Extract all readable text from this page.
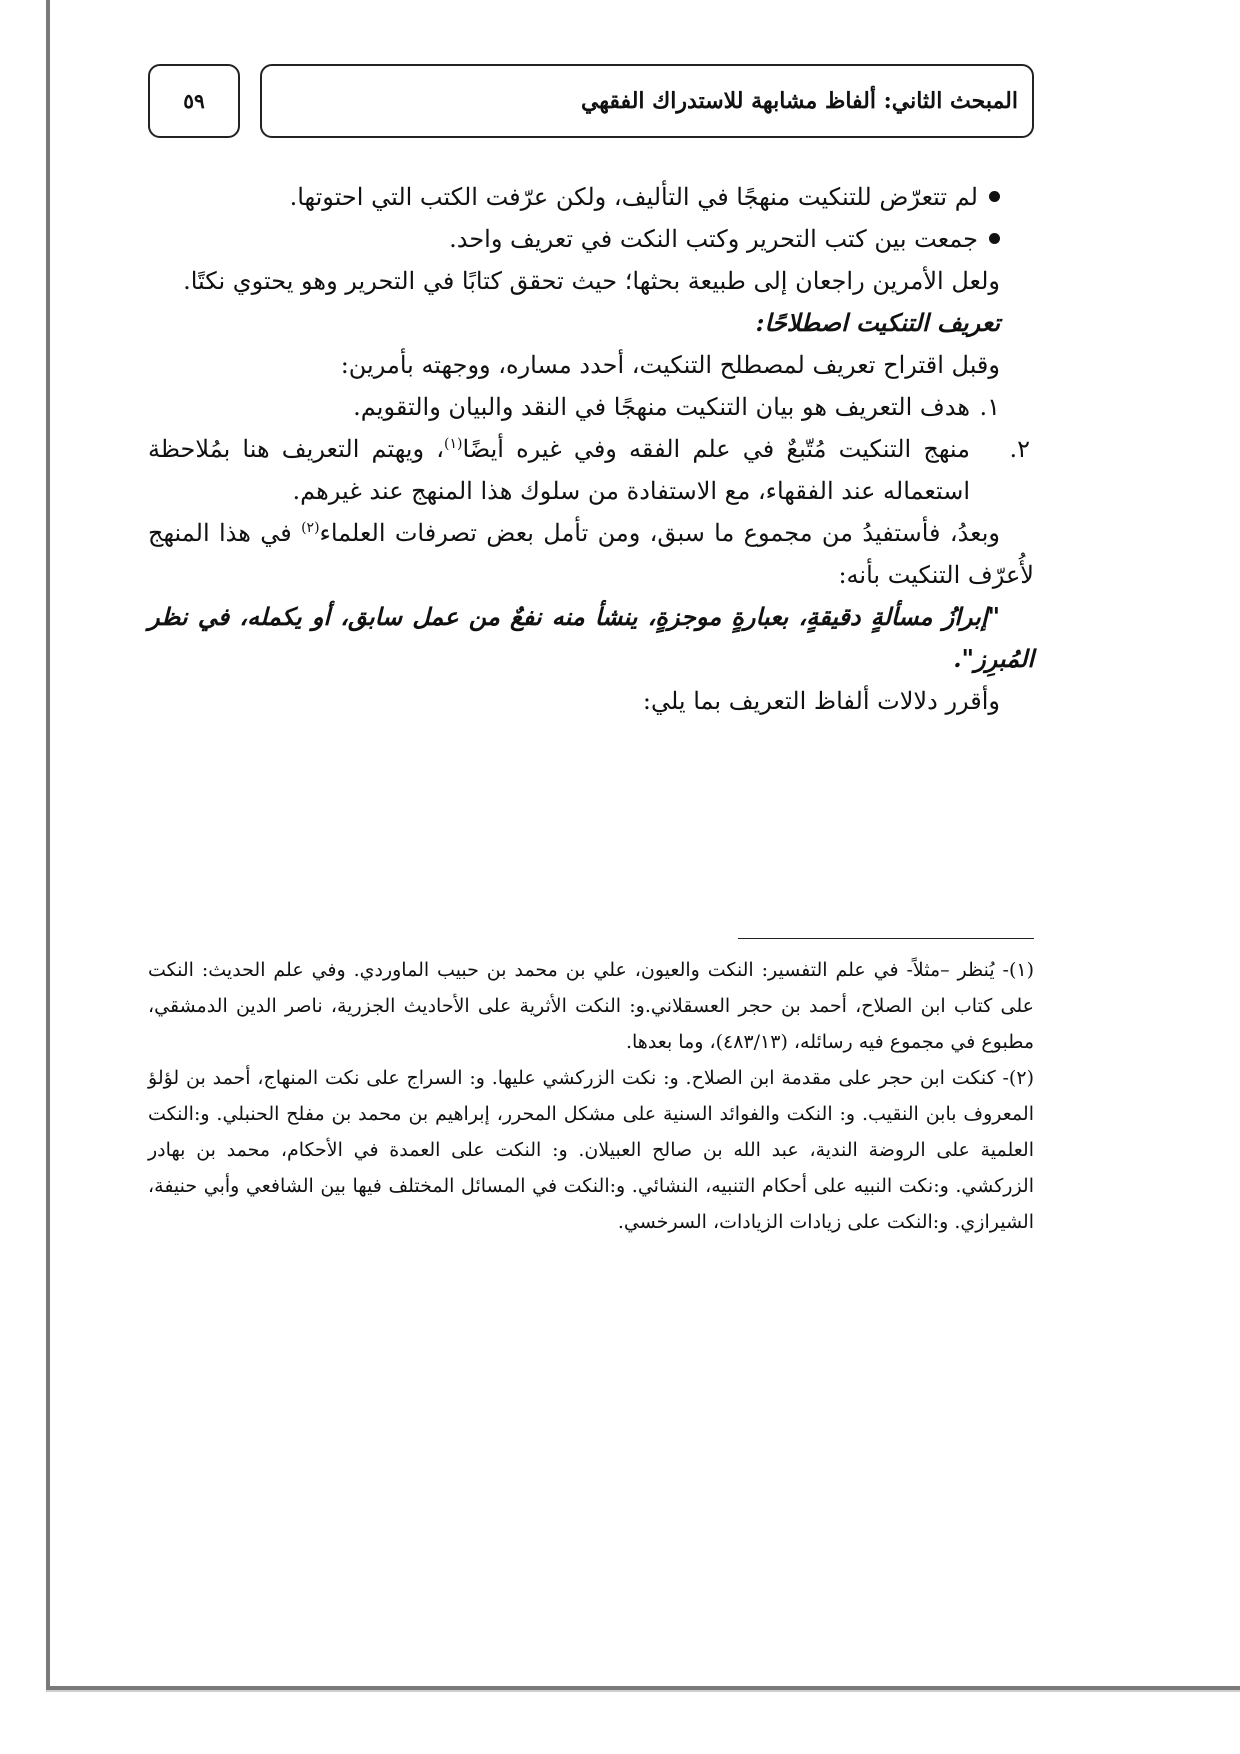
٥٩	المبحث الثاني: ألفاظ مشابهة للاستدراك الفقهي

لم تتعرّض للتنكيت منهجًا في التأليف، ولكن عرّفت الكتب التي احتوتها.

جمعت بين كتب التحرير وكتب النكت في تعريف واحد.

ولعل الأمرين راجعان إلى طبيعة بحثها؛ حيث تحقق كتابًا في التحرير وهو يحتوي نكتًا.

تعريف التنكيت اصطلاحًا:

وقبل اقتراح تعريف لمصطلح التنكيت، أحدد مساره، ووجهته بأمرين:

١.هدف التعريف هو بيان التنكيت منهجًا في النقد والبيان والتقويم.

٢.منهج التنكيت مُتّبعٌ في علم الفقه وفي غيره أيضًا$^{(١)}$، ويهتم التعريف هنا بمُلاحظة استعماله عند الفقهاء، مع الاستفادة من سلوك هذا المنهج عند غيرهم.

وبعدُ، فأستفيدُ من مجموع ما سبق، ومن تأمل بعض تصرفات العلماء$^{(٢)}$ في هذا المنهج لأُعرّف التنكيت بأنه:

"إبرازُ مسألةٍ دقيقةٍ، بعبارةٍ موجزةٍ، ينشأ منه نفعٌ من عمل سابق، أو يكمله، في نظر المُبرِز".

وأقرر دلالات ألفاظ التعريف بما يلي:

(١)- يُنظر –مثلاً- في علم التفسير: النكت والعيون، علي بن محمد بن حبيب الماوردي. وفي علم الحديث: النكت على كتاب ابن الصلاح، أحمد بن حجر العسقلاني.و: النكت الأثرية على الأحاديث الجزرية، ناصر الدين الدمشقي، مطبوع في مجموع فيه رسائله، (٤٨٣/١٣)، وما بعدها.

(٢)- كنكت ابن حجر على مقدمة ابن الصلاح. و: نكت الزركشي عليها. و: السراج على نكت المنهاج، أحمد بن لؤلؤ المعروف بابن النقيب. و: النكت والفوائد السنية على مشكل المحرر، إبراهيم بن محمد بن مفلح الحنبلي. و:النكت العلمية على الروضة الندية، عبد الله بن صالح العبيلان. و: النكت على العمدة في الأحكام، محمد بن بهادر الزركشي. و:نكت النبيه على أحكام التنبيه، النشائي. و:النكت في المسائل المختلف فيها بين الشافعي وأبي حنيفة، الشيرازي. و:النكت على زيادات الزيادات، السرخسي.
